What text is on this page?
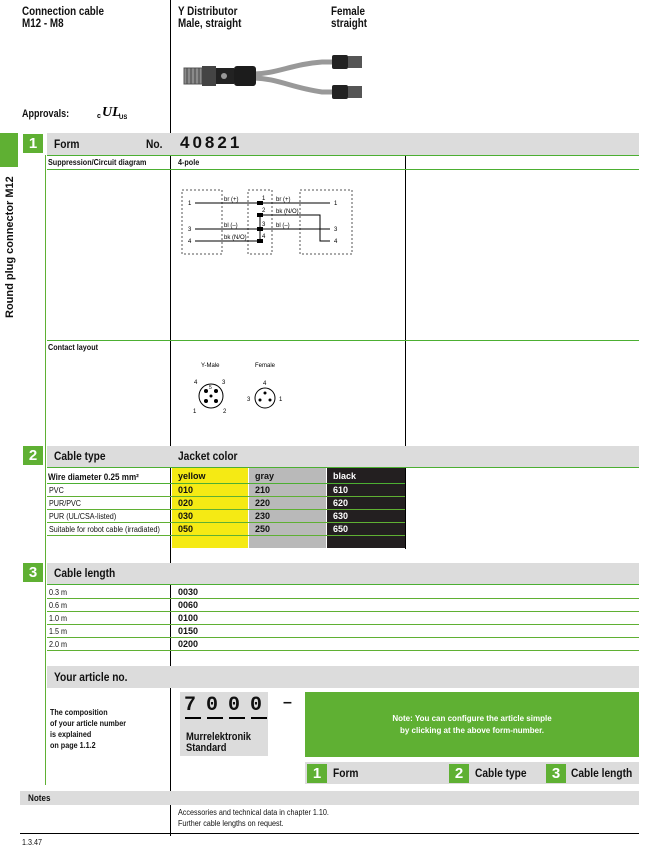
Connection cable
M12 - M8
Y Distributor
Male, straight
Female
straight
Approvals:	c UL
US
Round plug connector M12
1	Form	No. 40821
Suppression/Circuit diagram	4-pole
1
3
4
br (+)
bl (–)
bk (N/O)
1
2
3
4
br (+)
bk (N/O)
bl (–)
1
3
4
Contact layout
Y-Male	Female
4	3
5
1	2
4
3	1
2	Cable type	Jacket color
Wire diameter 0.25 mm²	yellow	gray	black
PVC	010	210	610
PUR/PVC	020	220	620
PUR (UL/CSA-listed)	030	230	630
Suitable for robot cable (irradiated) 050	250	650
3	Cable length
0.3 m	0030
0.6 m	0060
1.0 m	0100
1.5 m	0150
2.0 m	0200
Your article no.
The composition
of your article number
is explained
on page 1.1.2
7 0 0 0 –
Murrelektronik
Standard
Note: You can configure the article simple
by clicking at the above form-number.
1 Form	2 Cable type	3 Cable length
Notes
Accessories and technical data in chapter 1.10.
Further cable lengths on request.
1.3.47
